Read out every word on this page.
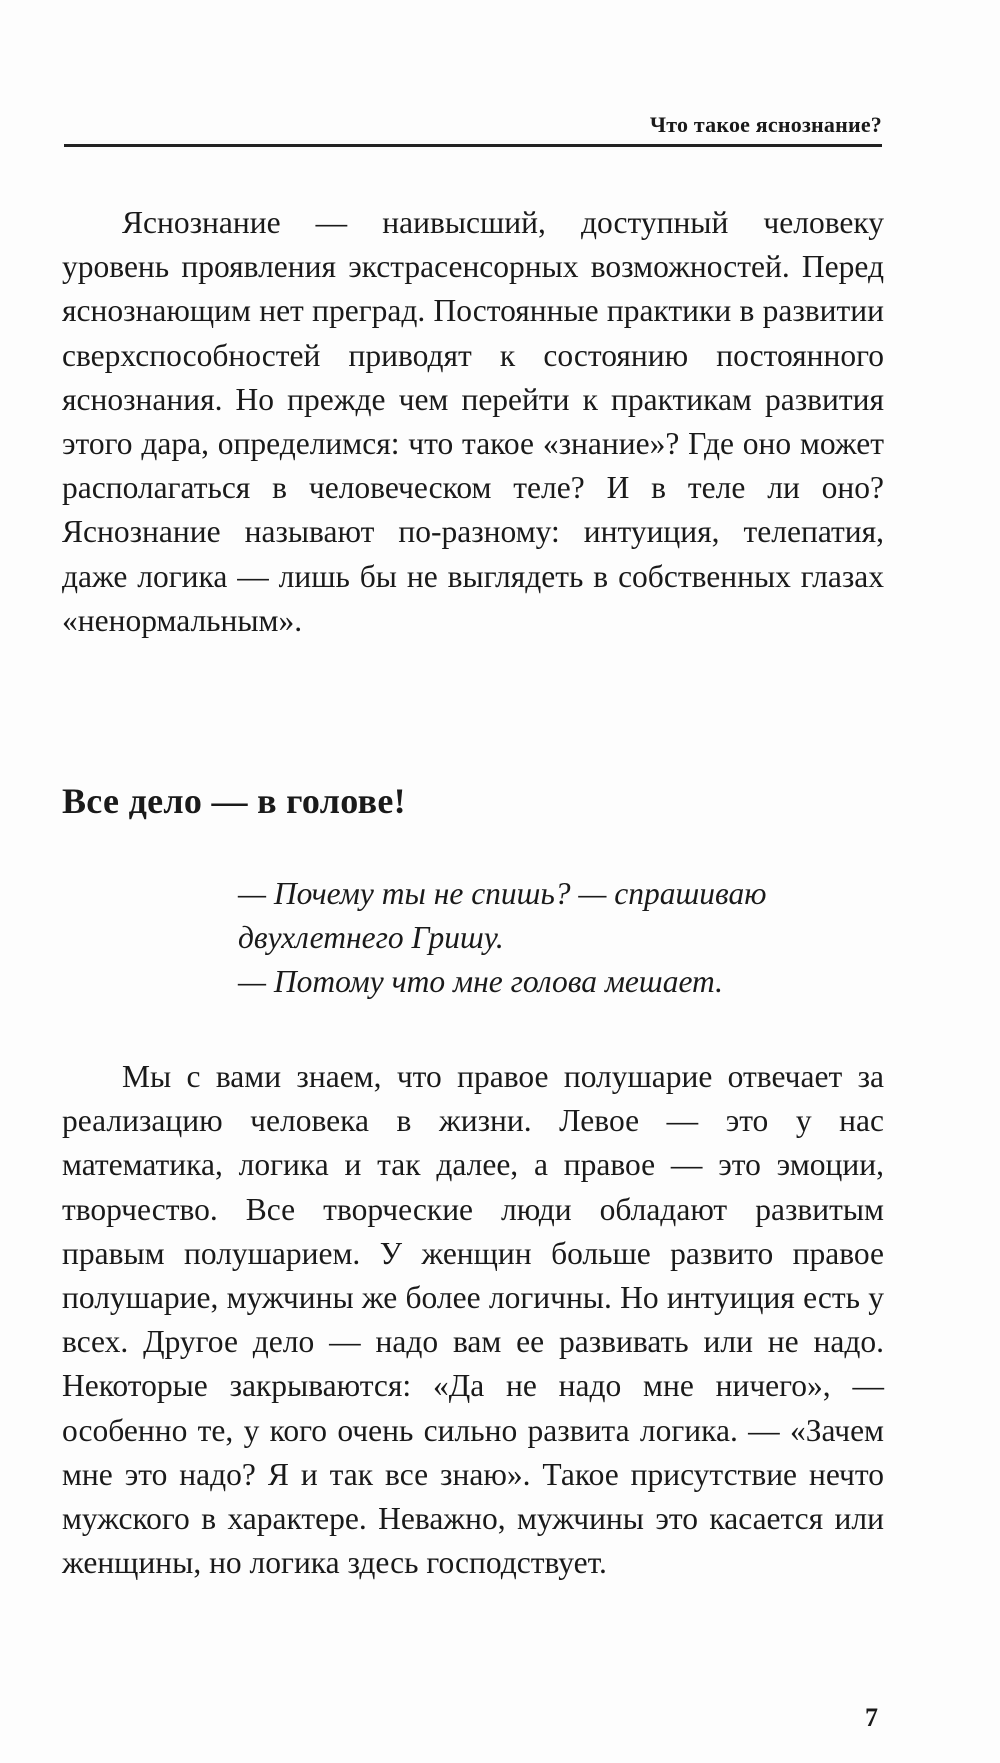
Что такое яснознание?

Яснознание — наивысший, доступный человеку уровень проявления экстрасенсорных возможностей. Перед яснознающим нет преград. Постоянные практики в развитии сверхспособностей приводят к состоянию постоянного яснознания. Но прежде чем перейти к практикам развития этого дара, определимся: что такое «знание»? Где оно может располагаться в человеческом теле? И в теле ли оно? Яснознание называют по-разному: интуиция, телепатия, даже логика — лишь бы не выглядеть в собственных глазах «ненормальным».

Все дело — в голове!
— Почему ты не спишь? — спрашиваю
двухлетнего Гришу.
— Потому что мне голова мешает.

Мы с вами знаем, что правое полушарие отвечает за реализацию человека в жизни. Левое — это у нас математика, логика и так далее, а правое — это эмоции, творчество. Все творческие люди обладают развитым правым полушарием. У женщин больше развито правое полушарие, мужчины же более логичны. Но интуиция есть у всех. Другое дело — надо вам ее развивать или не надо. Некоторые закрываются: «Да не надо мне ничего», — особенно те, у кого очень сильно развита логика. — «Зачем мне это надо? Я и так все знаю». Такое присутствие нечто мужского в характере. Неважно, мужчины это касается или женщины, но логика здесь господствует.

7
